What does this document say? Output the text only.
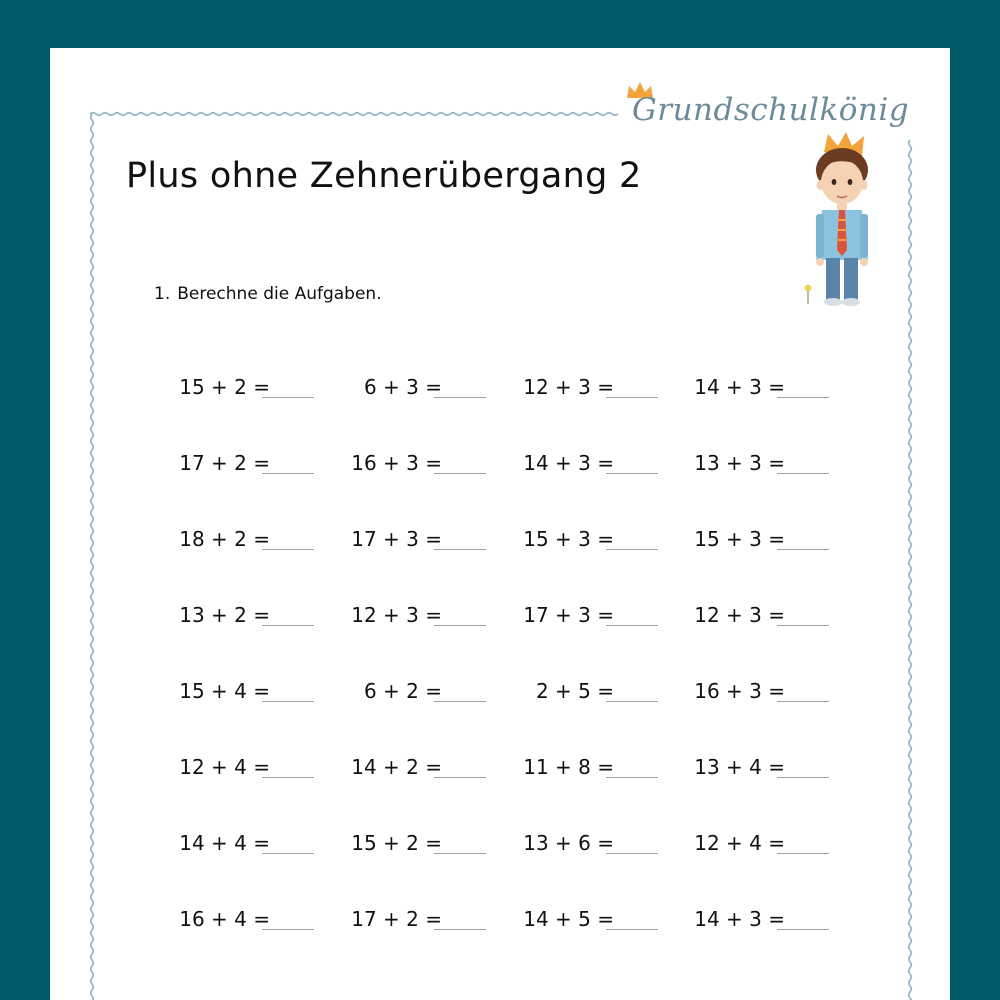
Grundschulkönig
Plus ohne Zehnerübergang 2
1. Berechne die Aufgaben.
15 + 2 =	6 + 3 =	12 + 3 =	14 + 3 =
17 + 2 =	16 + 3 =	14 + 3 =	13 + 3 =
18 + 2 =	17 + 3 =	15 + 3 =	15 + 3 =
13 + 2 =	12 + 3 =	17 + 3 =	12 + 3 =
15 + 4 =	6 + 2 =	2 + 5 =	16 + 3 =
12 + 4 =	14 + 2 =	11 + 8 =	13 + 4 =
14 + 4 =	15 + 2 =	13 + 6 =	12 + 4 =
16 + 4 =	17 + 2 =	14 + 5 =	14 + 3 =
